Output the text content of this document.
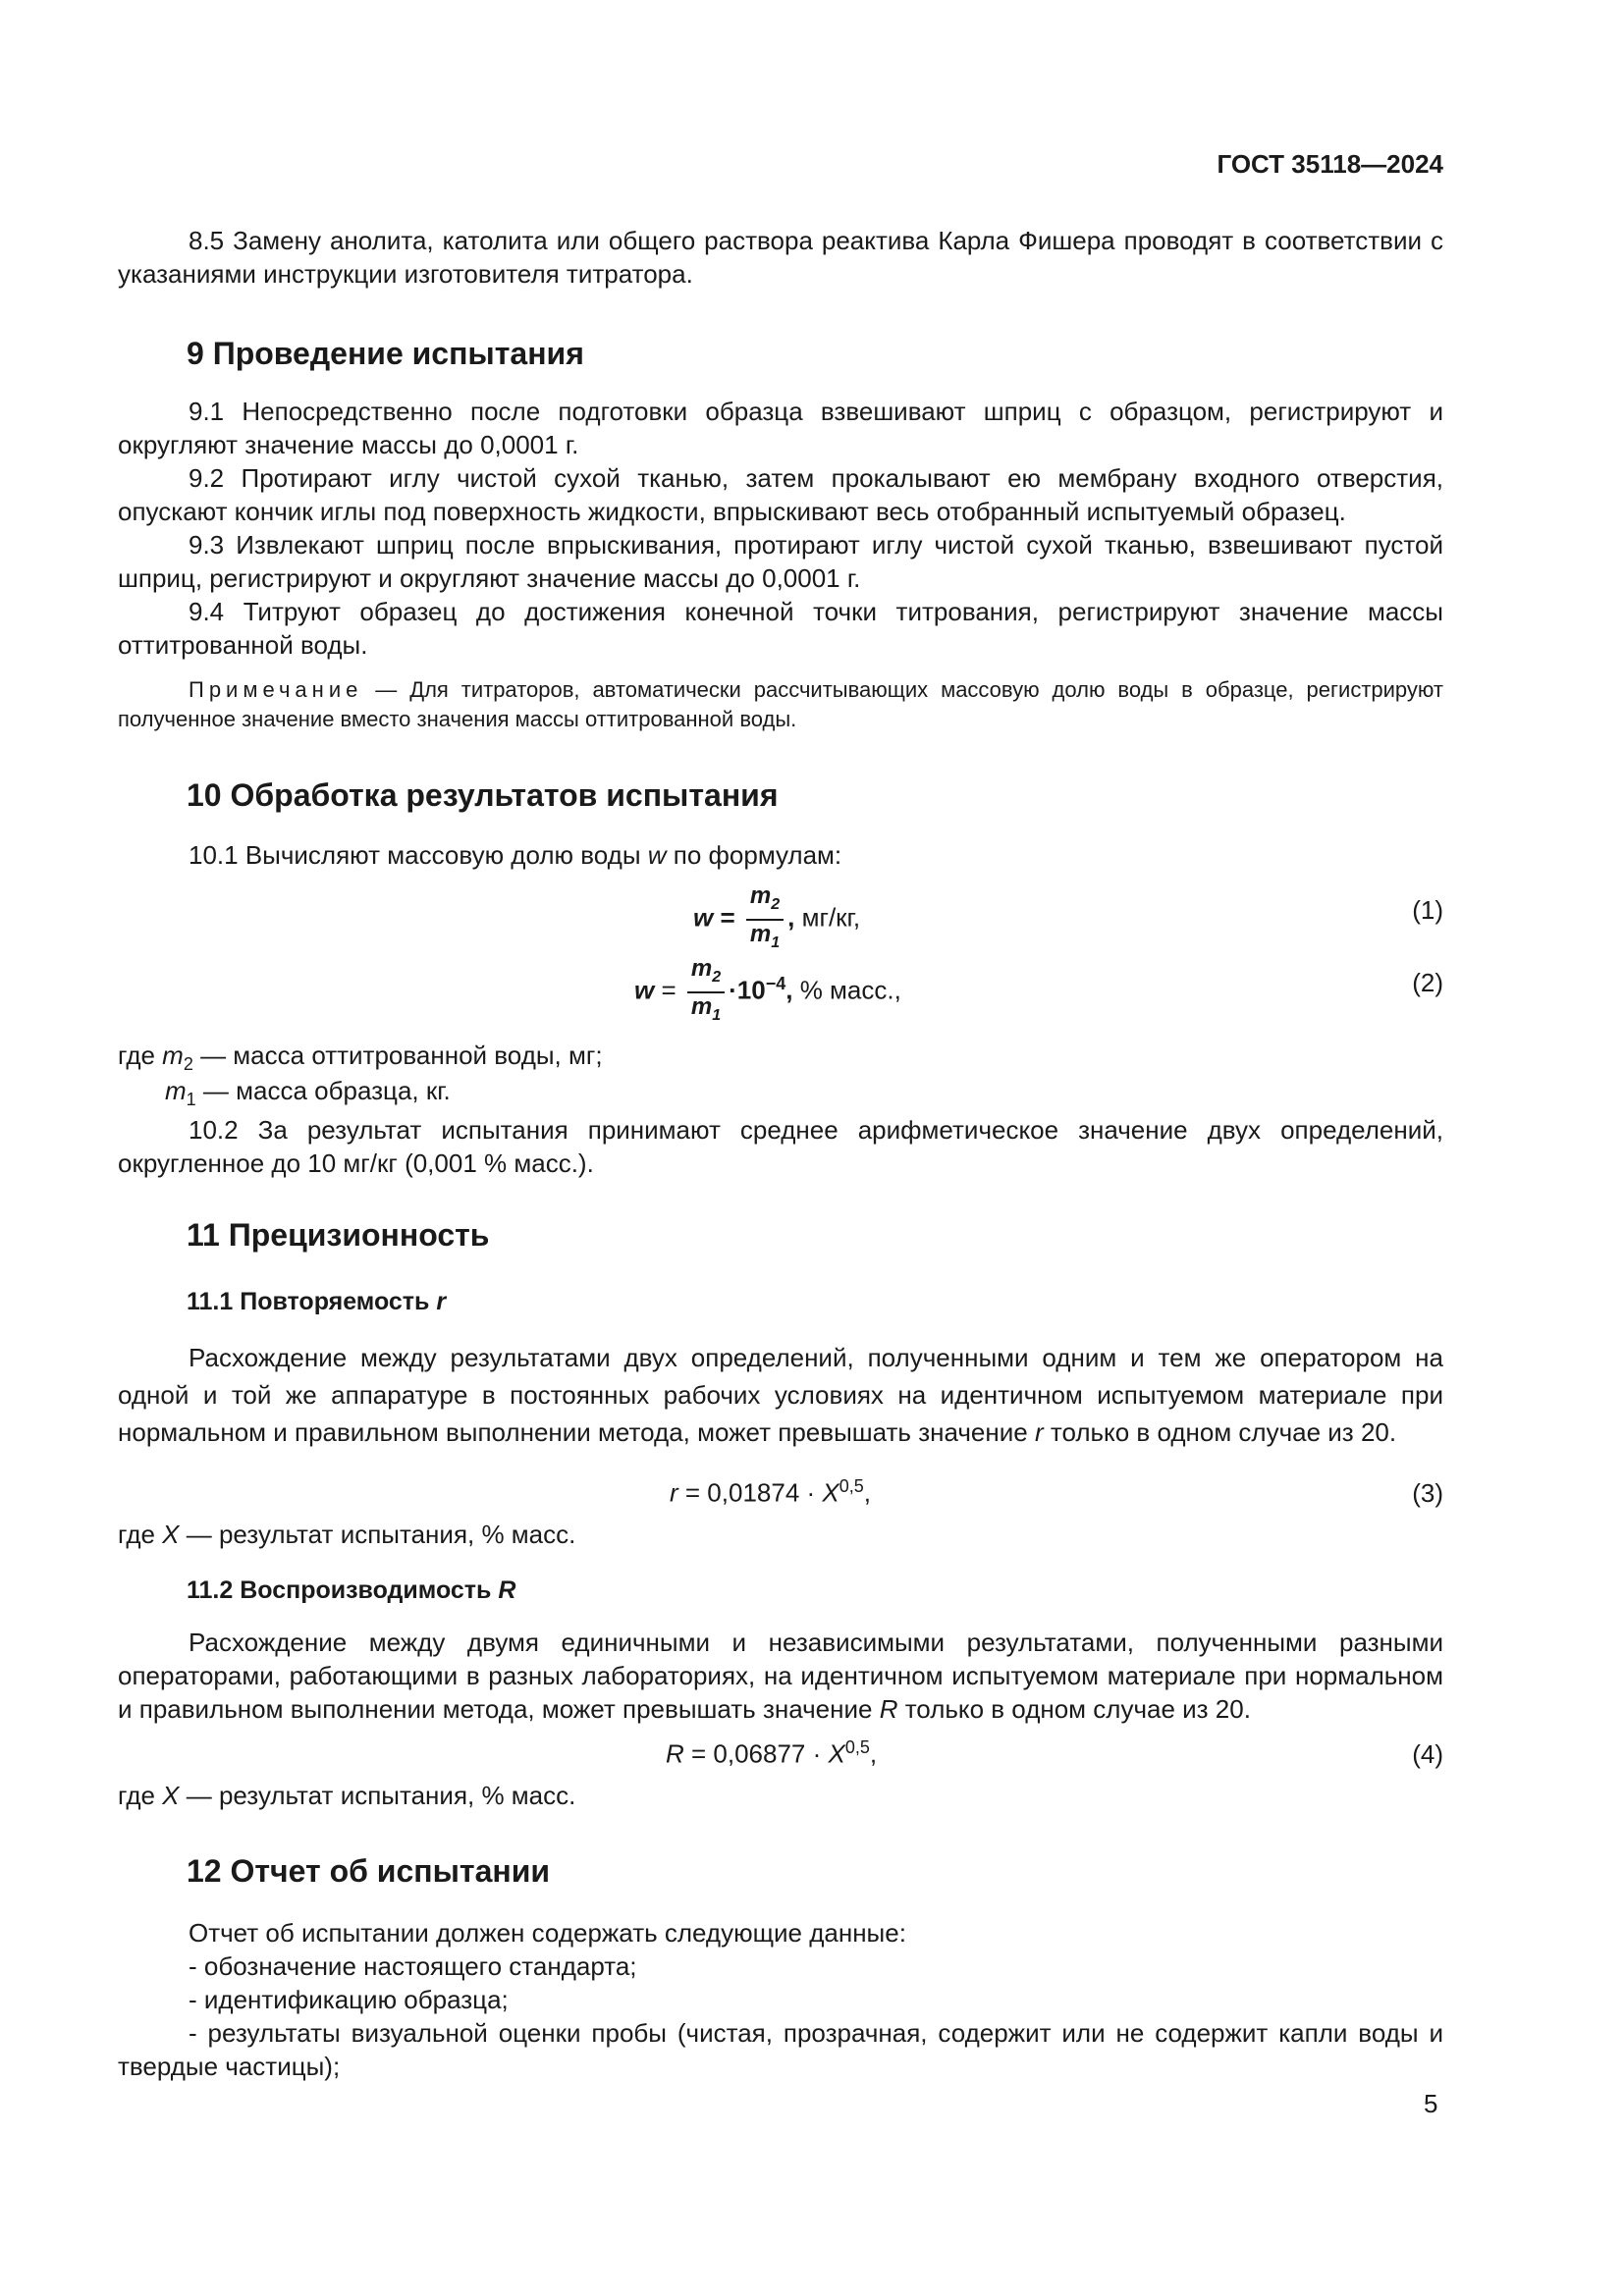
ГОСТ 35118—2024
8.5 Замену анолита, католита или общего раствора реактива Карла Фишера проводят в соответствии с указаниями инструкции изготовителя титратора.
9 Проведение испытания
9.1 Непосредственно после подготовки образца взвешивают шприц с образцом, регистрируют и округляют значение массы до 0,0001 г.
9.2 Протирают иглу чистой сухой тканью, затем прокалывают ею мембрану входного отверстия, опускают кончик иглы под поверхность жидкости, впрыскивают весь отобранный испытуемый образец.
9.3 Извлекают шприц после впрыскивания, протирают иглу чистой сухой тканью, взвешивают пустой шприц, регистрируют и округляют значение массы до 0,0001 г.
9.4 Титруют образец до достижения конечной точки титрования, регистрируют значение массы оттитрованной воды.
Примечание — Для титраторов, автоматически рассчитывающих массовую долю воды в образце, регистрируют полученное значение вместо значения массы оттитрованной воды.
10 Обработка результатов испытания
10.1 Вычисляют массовую долю воды w по формулам:
$w = \frac{m_2}{m_1}$ , мг/кг,	(1)
$w = \frac{m_2}{m_1} \cdot 10^{-4}$, % масс.,	(2)
где $m_2$ — масса оттитрованной воды, мг;
$m_1$ — масса образца, кг.
10.2 За результат испытания принимают среднее арифметическое значение двух определений, округленное до 10 мг/кг (0,001 % масс.).
11 Прецизионность
11.1 Повторяемость r
Расхождение между результатами двух определений, полученными одним и тем же оператором на одной и той же аппаратуре в постоянных рабочих условиях на идентичном испытуемом материале при нормальном и правильном выполнении метода, может превышать значение r только в одном случае из 20.
r = 0,01874 · X$^{0,5}$,	(3)
где X — результат испытания, % масс.
11.2 Воспроизводимость R
Расхождение между двумя единичными и независимыми результатами, полученными разными операторами, работающими в разных лабораториях, на идентичном испытуемом материале при нормальном и правильном выполнении метода, может превышать значение R только в одном случае из 20.
R = 0,06877 · X$^{0,5}$,	(4)
где X — результат испытания, % масс.
12 Отчет об испытании
Отчет об испытании должен содержать следующие данные:
- обозначение настоящего стандарта;
- идентификацию образца;
- результаты визуальной оценки пробы (чистая, прозрачная, содержит или не содержит капли воды и твердые частицы);
5
